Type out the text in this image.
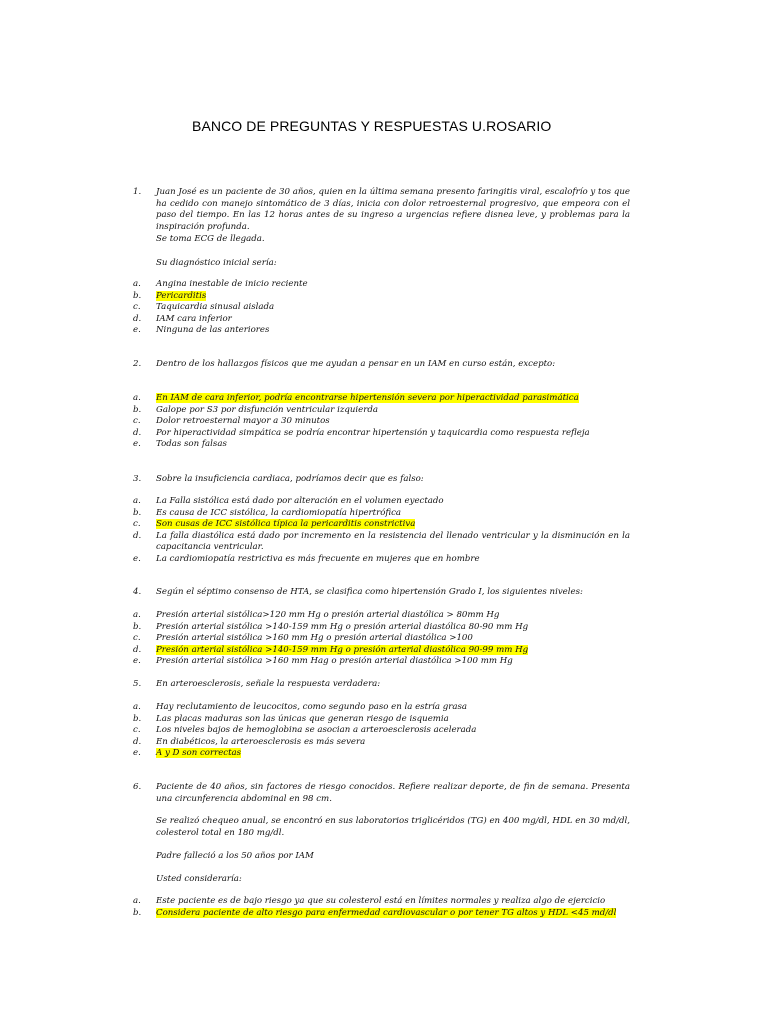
BANCO DE PREGUNTAS Y RESPUESTAS U.ROSARIO
1. Juan José es un paciente de 30 años, quien en la última semana presento faringitis viral, escalofrío y tos que ha cedido con manejo sintomático de 3 días, inicia con dolor retroesternal progresivo, que empeora con el paso del tiempo. En las 12 horas antes de su ingreso a urgencias refiere disnea leve, y problemas para la inspiración profunda.
Se toma ECG de llegada.
Su diagnóstico inicial sería:
a. Angina inestable de inicio reciente
b. Pericarditis
c. Taquicardia sinusal aislada
d. IAM cara inferior
e. Ninguna de las anteriores
2. Dentro de los hallazgos físicos que me ayudan a pensar en un IAM en curso están, excepto:
a. En IAM de cara inferior, podría encontrarse hipertensión severa por hiperactividad parasimática
b. Galope por S3 por disfunción ventricular izquierda
c. Dolor retroesternal mayor a 30 minutos
d. Por hiperactividad simpática se podría encontrar hipertensión y taquicardia como respuesta refleja
e. Todas son falsas
3. Sobre la insuficiencia cardiaca, podríamos decir que es falso:
a. La Falla sistólica está dado por alteración en el volumen eyectado
b. Es causa de ICC sistólica, la cardiomiopatía hipertrófica
c. Son cusas de ICC sistólica típica la pericarditis constrictiva
d. La falla diastólica está dado por incremento en la resistencia del llenado ventricular y la disminución en la capacitancia ventricular.
e. La cardiomiopatía restrictiva es más frecuente en mujeres que en hombre
4. Según el séptimo consenso de HTA, se clasifica como hipertensión Grado I, los siguientes niveles:
a. Presión arterial sistólica>120 mm Hg o presión arterial diastólica > 80mm Hg
b. Presión arterial sistólica >140-159 mm Hg o presión arterial diastólica 80-90 mm Hg
c. Presión arterial sistólica >160 mm Hg o presión arterial diastólica >100
d. Presión arterial sistólica >140-159 mm Hg o presión arterial diastólica 90-99 mm Hg
e. Presión arterial sistólica >160 mm Hag o presión arterial diastólica >100 mm Hg
5. En arteroesclerosis, señale la respuesta verdadera:
a. Hay reclutamiento de leucocitos, como segundo paso en la estría grasa
b. Las placas maduras son las únicas que generan riesgo de isquemia
c. Los niveles bajos de hemoglobina se asocian a arteroesclerosis acelerada
d. En diabéticos, la arteroesclerosis es más severa
e. A y D son correctas
6. Paciente de 40 años, sin factores de riesgo conocidos. Refiere realizar deporte, de fin de semana. Presenta una circunferencia abdominal en 98 cm.
Se realizó chequeo anual, se encontró en sus laboratorios triglicéridos (TG) en 400 mg/dl, HDL en 30 md/dl, colesterol total en 180 mg/dl.
Padre falleció a los 50 años por IAM
Usted consideraría:
a. Este paciente es de bajo riesgo ya que su colesterol está en límites normales y realiza algo de ejercicio
b. Considera paciente de alto riesgo para enfermedad cardiovascular o por tener TG altos y HDL <45 md/dl
